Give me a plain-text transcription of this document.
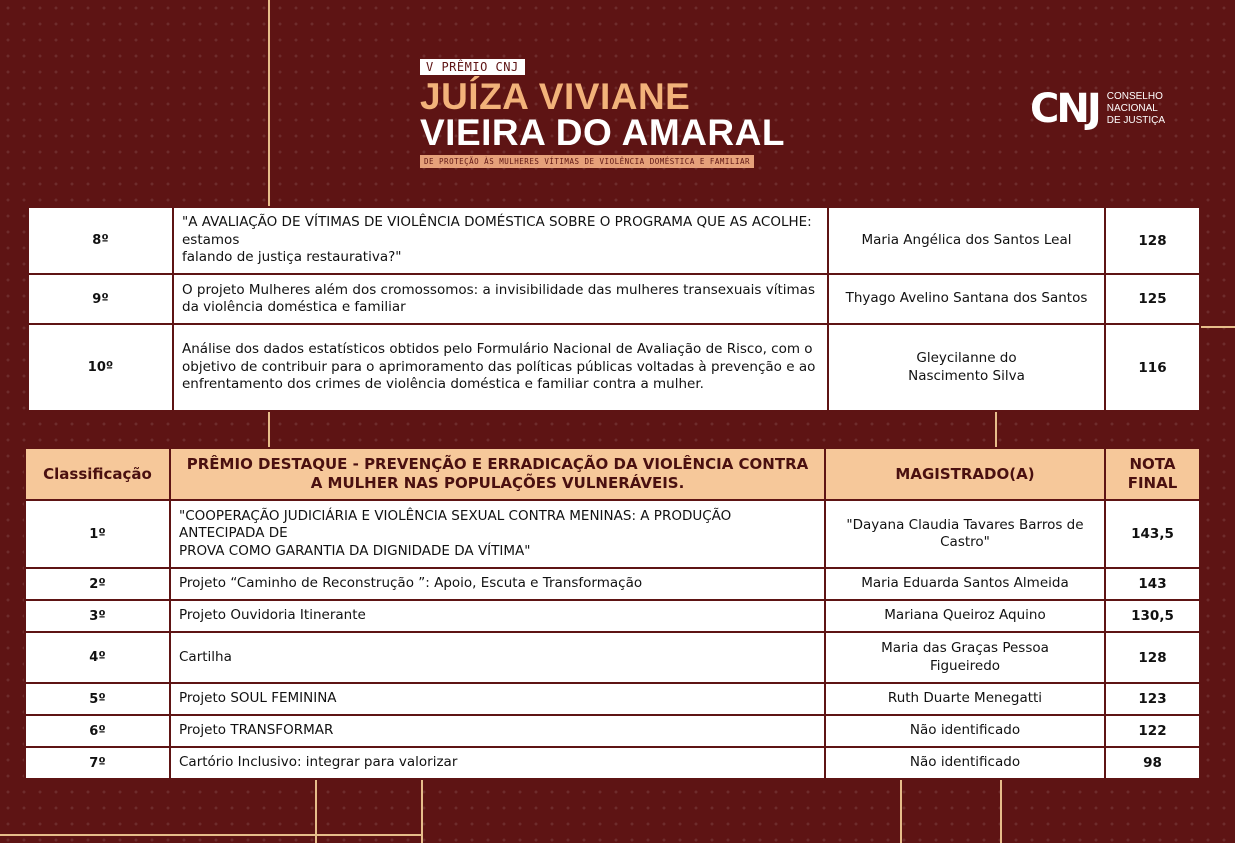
V PRÊMIO CNJ
JUÍZA VIVIANE
VIEIRA DO AMARAL
DE PROTEÇÃO ÀS MULHERES VÍTIMAS DE VIOLÊNCIA DOMÉSTICA E FAMILIAR
CNJ CONSELHO
NACIONAL
DE JUSTIÇA
8º	"A AVALIAÇÃO DE VÍTIMAS DE VIOLÊNCIA DOMÉSTICA SOBRE O PROGRAMA QUE AS ACOLHE: estamos
falando de justiça restaurativa?"	Maria Angélica dos Santos Leal	128
9º	O projeto Mulheres além dos cromossomos: a invisibilidade das mulheres transexuais vítimas da violência doméstica e familiar	Thyago Avelino Santana dos Santos	125
10º	Análise dos dados estatísticos obtidos pelo Formulário Nacional de Avaliação de Risco, com o objetivo de contribuir para o aprimoramento das políticas públicas voltadas à prevenção e ao enfrentamento dos crimes de violência doméstica e familiar contra a mulher.	Gleycilanne do
Nascimento Silva	116
Classificação	PRÊMIO DESTAQUE - PREVENÇÃO E ERRADICAÇÃO DA VIOLÊNCIA CONTRA A MULHER NAS POPULAÇÕES VULNERÁVEIS.	MAGISTRADO(A)	NOTA FINAL
1º	"COOPERAÇÃO JUDICIÁRIA E VIOLÊNCIA SEXUAL CONTRA MENINAS: A PRODUÇÃO ANTECIPADA DE
PROVA COMO GARANTIA DA DIGNIDADE DA VÍTIMA"	"Dayana Claudia Tavares Barros de Castro"	143,5
2º	Projeto “Caminho de Reconstrução ”: Apoio, Escuta e Transformação	Maria Eduarda Santos Almeida	143
3º	Projeto Ouvidoria Itinerante	Mariana Queiroz Aquino	130,5
4º	Cartilha	Maria das Graças Pessoa Figueiredo	128
5º	Projeto SOUL FEMININA	Ruth Duarte Menegatti	123
6º	Projeto TRANSFORMAR	Não identificado	122
7º	Cartório Inclusivo: integrar para valorizar	Não identificado	98
